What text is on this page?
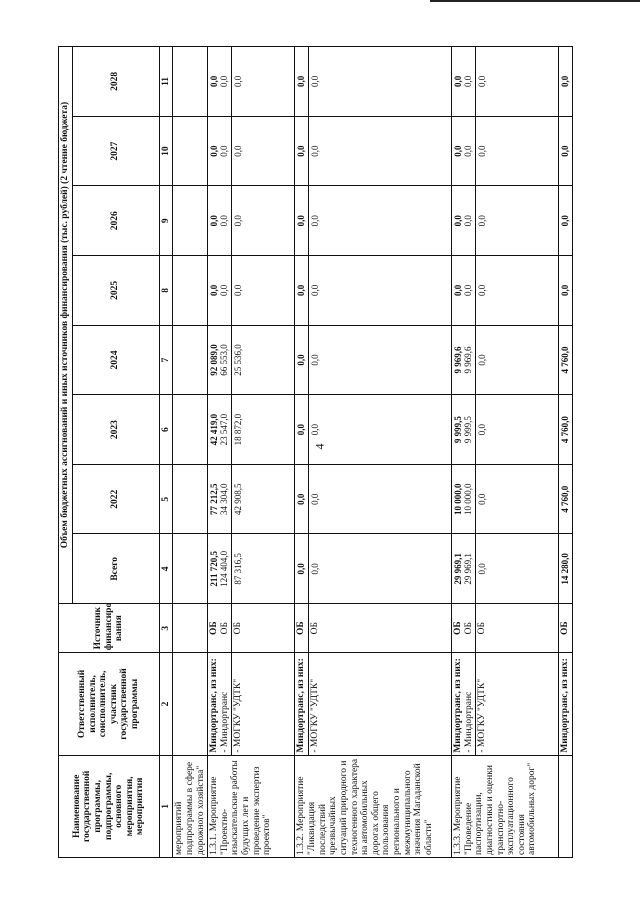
4
Наименование государственной программы, подпрограммы, основного мероприятия, мероприятия	Ответственный исполнитель, соисполнитель, участник государственной программы	Источник финансиро вания	Объем бюджетных ассигнований и иных источников финансирования (тыс. рублей) (2 чтение бюджета)							
			Всего	2022	2023	2024	2025	2026	2027	2028
1	2	3	4	5	6	7	8	9	10	11
мероприятий подпрограммы в сфере дорожного хозяйства"										
1.3.1. Мероприятие "Проектно-изыскательские работы будущих лет и проведение экспертиз проектов"	Миндортранс, из них: - Миндортранс	ОБ ОБ	211 720,5 124 404,0	77 212,5 34 304,0	42 419,0 23 547,0	92 089,0 66 553,0	0,0 0,0	0,0 0,0	0,0 0,0	0,0 0,0

	- МОГКУ "УДТК"	ОБ	87 316,5	42 908,5	18 872,0	25 536,0	0,0	0,0	0,0	0,0
1.3.2. Мероприятие "Ликвидация последствий чрезвычайных ситуаций природного и техногенного характера на автомобильных дорогах общего пользования регионального и межмуниципального значения Магаданской области"	Миндортранс, из них:	ОБ	0,0	0,0	0,0	0,0	0,0	0,0	0,0	0,0
	- МОГКУ "УДТК"	ОБ	0,0	0,0	0,0	0,0	0,0	0,0	0,0	0,0
1.3.3. Мероприятие "Проведение паспортизации, диагностики и оценки транспортно-эксплуатационного состояния автомобильных дорог"	Миндортранс, из них: - Миндортранс	ОБ ОБ	29 969,1 29 969,1	10 000,0 10 000,0	9 999,5 9 999,5	9 969,6 9 969,6	0,0 0,0	0,0 0,0	0,0 0,0	0,0 0,0

	- МОГКУ "УДТК"	ОБ	0,0	0,0	0,0	0,0	0,0	0,0	0,0	0,0
	Миндортранс, из них:	ОБ	14 280,0	4 760,0	4 760,0	4 760,0	0,0	0,0	0,0	0,0
